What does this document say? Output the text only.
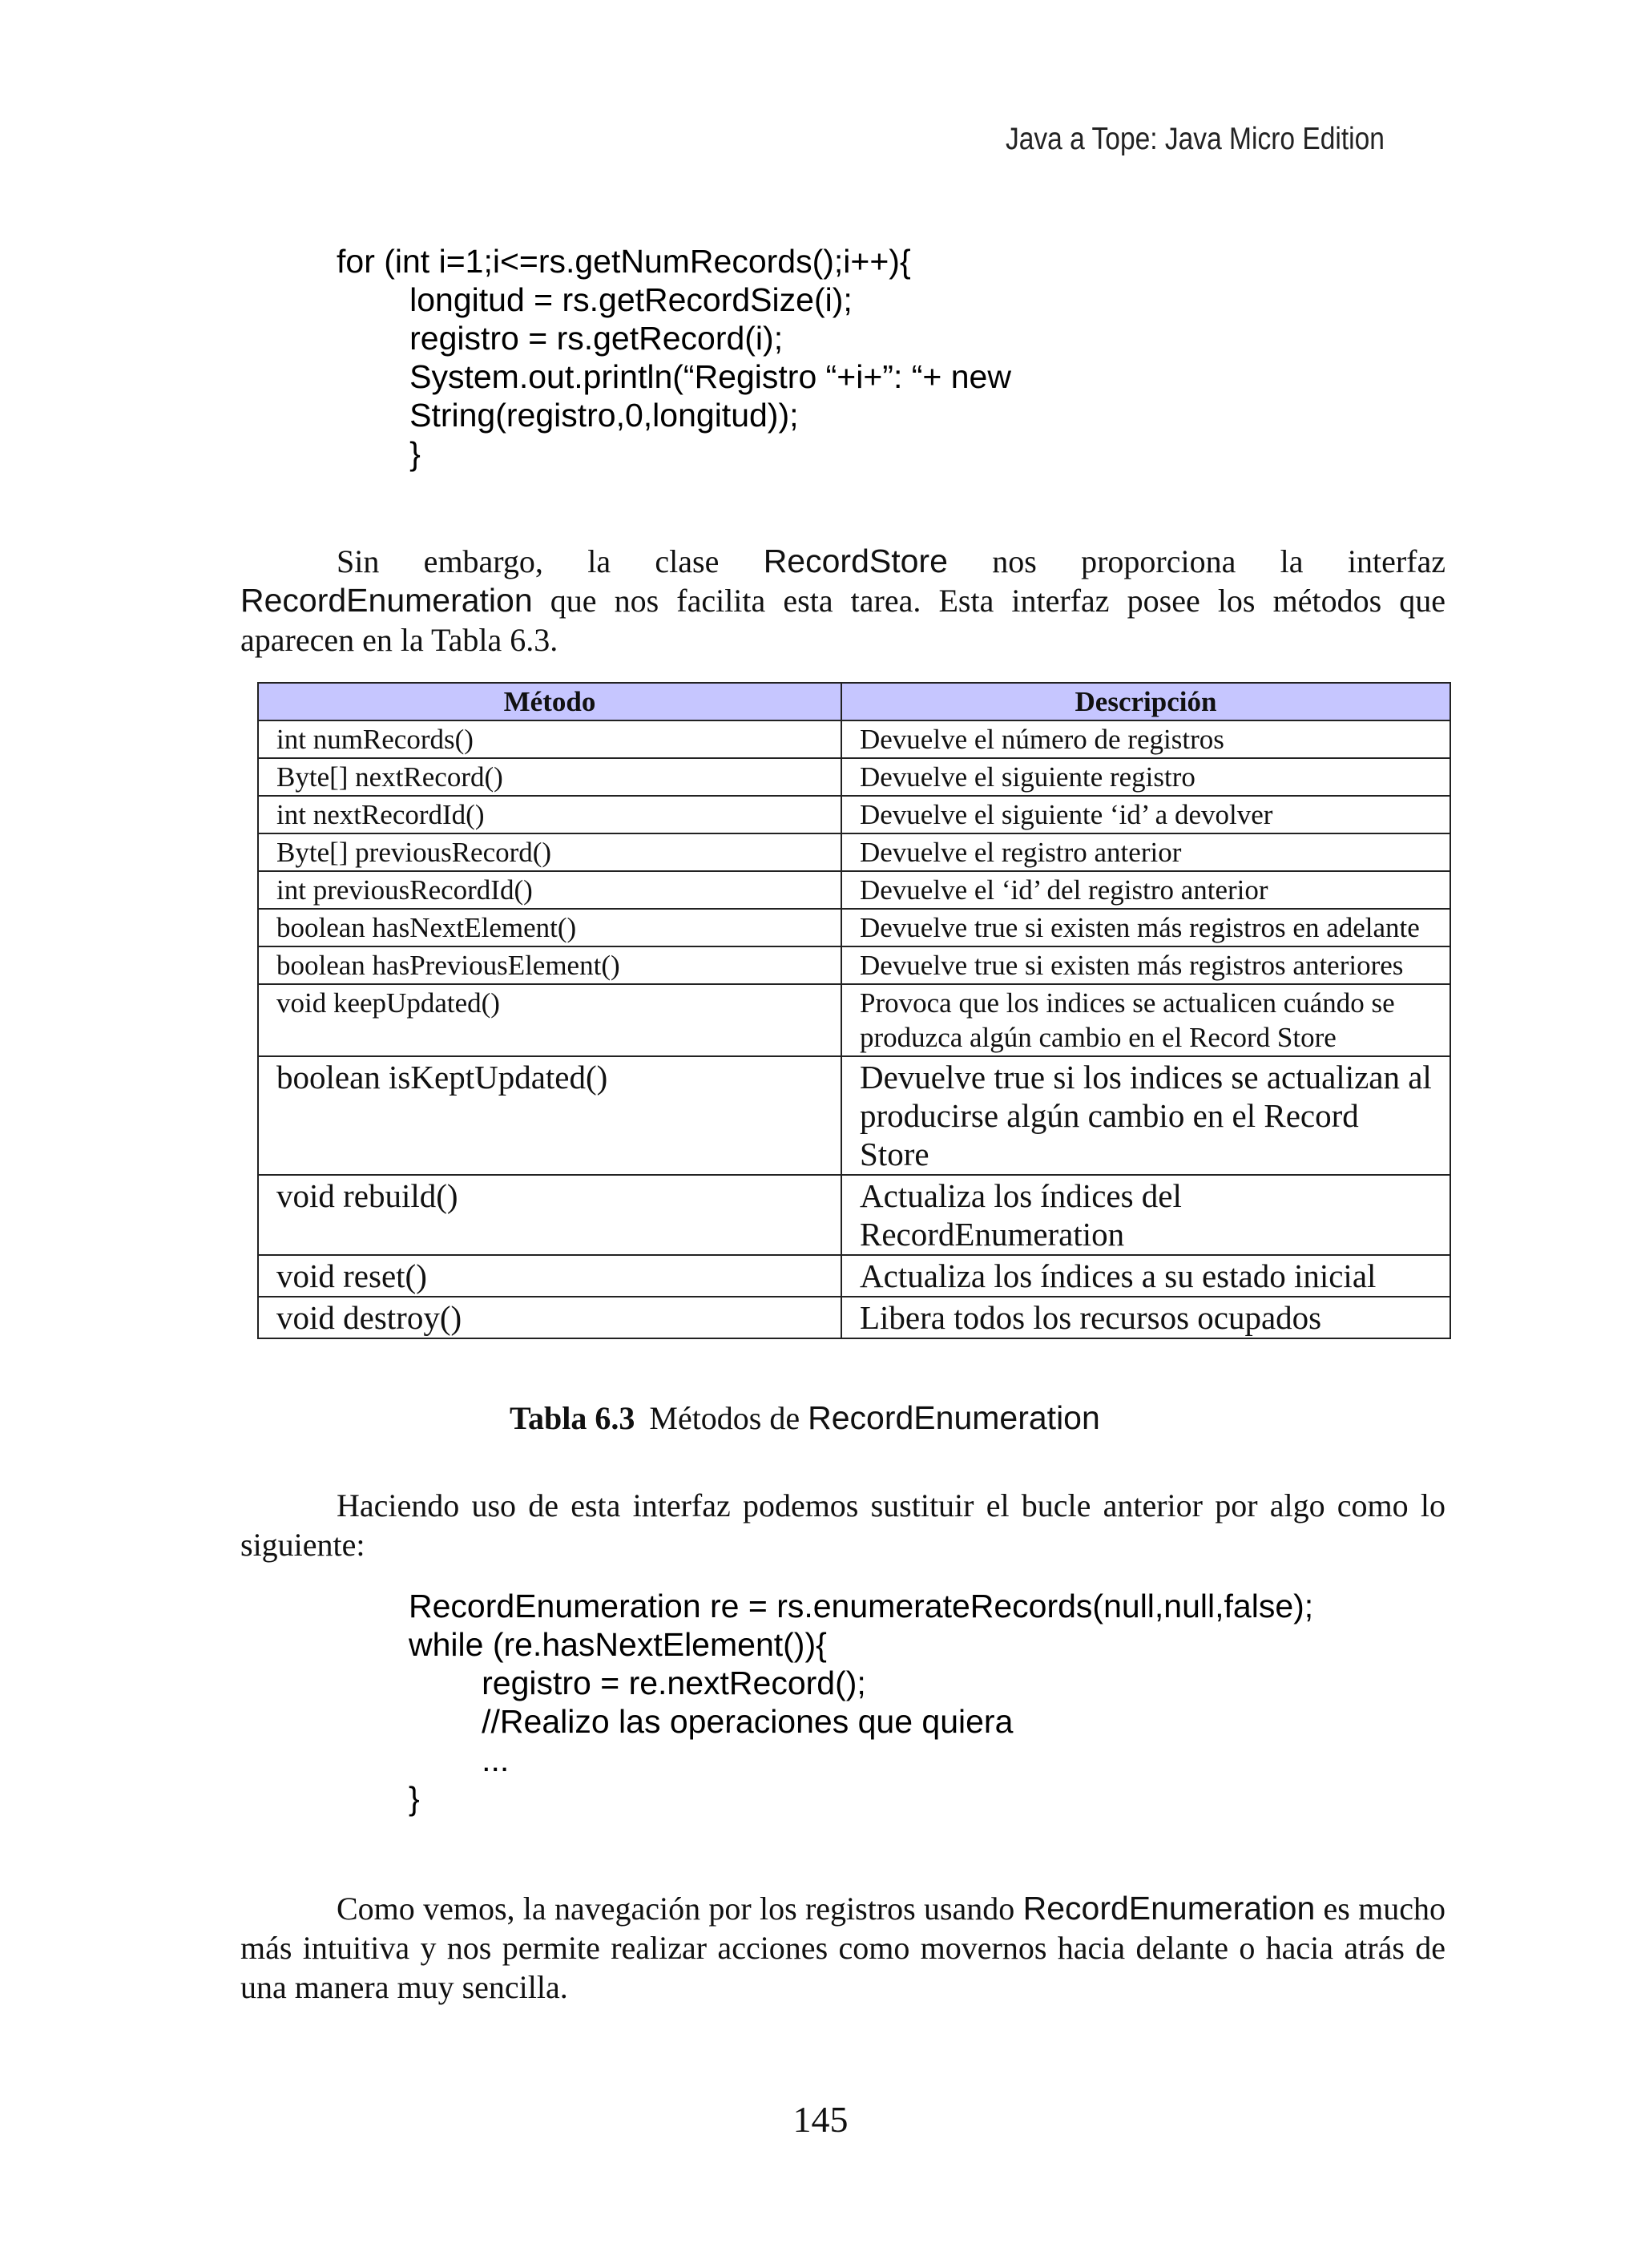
Java a Tope: Java Micro Edition
for (int i=1;i<=rs.getNumRecords();i++){
longitud = rs.getRecordSize(i);
registro = rs.getRecord(i);
System.out.println(“Registro “+i+”: “+ new
String(registro,0,longitud));
}

Sin embargo, la clase RecordStore nos proporciona la interfaz RecordEnumeration que nos facilita esta tarea. Esta interfaz posee los métodos que aparecen en la Tabla 6.3.

Método	Descripción
int numRecords()	Devuelve el número de registros
Byte[] nextRecord()	Devuelve el siguiente registro
int nextRecordId()	Devuelve el siguiente ‘id’ a devolver
Byte[] previousRecord()	Devuelve el registro anterior
int previousRecordId()	Devuelve el ‘id’ del registro anterior
boolean hasNextElement()	Devuelve true si existen más registros en adelante
boolean hasPreviousElement()	Devuelve true si existen más registros anteriores
void keepUpdated()	Provoca que los indices se actualicen cuándo se produzca algún cambio en el Record Store
boolean isKeptUpdated()	Devuelve true si los indices se actualizan al producirse algún cambio en el Record Store
void rebuild()	Actualiza los índices del RecordEnumeration
void reset()	Actualiza los índices a su estado inicial
void destroy()	Libera todos los recursos ocupados
Tabla 6.3 Métodos de RecordEnumeration

Haciendo uso de esta interfaz podemos sustituir el bucle anterior por algo como lo siguiente:

RecordEnumeration re = rs.enumerateRecords(null,null,false);
while (re.hasNextElement()){
registro = re.nextRecord();
//Realizo las operaciones que quiera
...
}

Como vemos, la navegación por los registros usando RecordEnumeration es mucho más intuitiva y nos permite realizar acciones como movernos hacia delante o hacia atrás de una manera muy sencilla.

145
